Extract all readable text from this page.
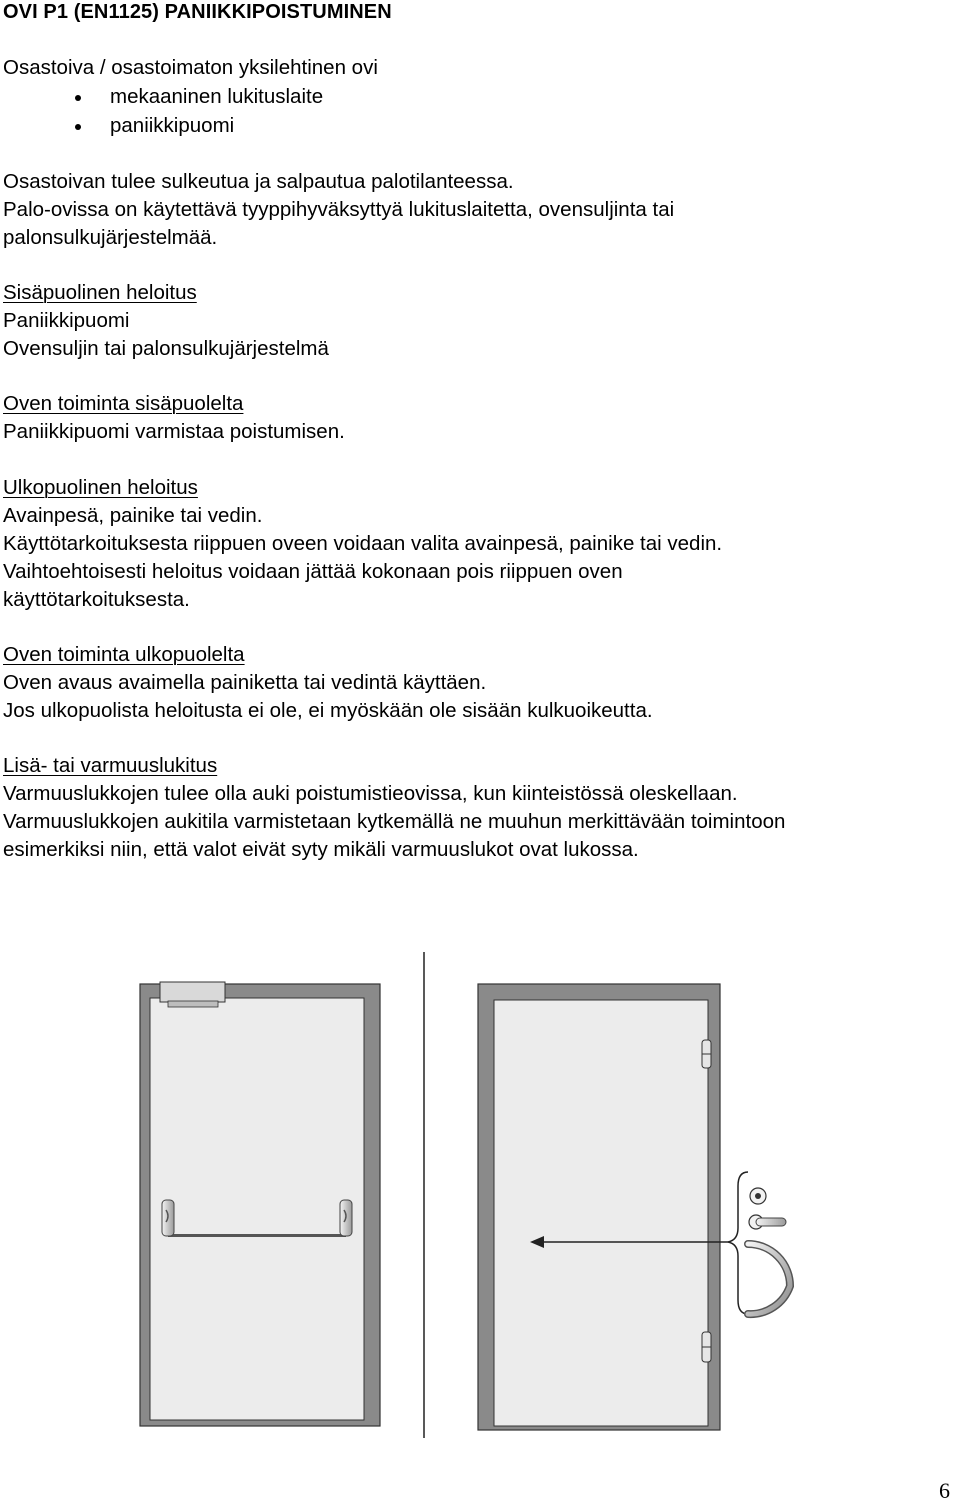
OVI P1 (EN1125) PANIIKKIPOISTUMINEN
Osastoiva / osastoimaton yksilehtinen ovi
mekaaninen lukituslaite
paniikkipuomi
Osastoivan tulee sulkeutua ja salpautua palotilanteessa.
Palo-ovissa on käytettävä tyyppihyväksyttyä lukituslaitetta, ovensuljinta tai
palonsulkujärjestelmää.
Sisäpuolinen heloitus
Paniikkipuomi
Ovensuljin tai palonsulkujärjestelmä
Oven toiminta sisäpuolelta
Paniikkipuomi varmistaa poistumisen.
Ulkopuolinen heloitus
Avainpesä, painike tai vedin.
Käyttötarkoituksesta riippuen oveen voidaan valita avainpesä, painike tai vedin.
Vaihtoehtoisesti heloitus voidaan jättää kokonaan pois riippuen oven
käyttötarkoituksesta.
Oven toiminta ulkopuolelta
Oven avaus avaimella painiketta tai vedintä käyttäen.
Jos ulkopuolista heloitusta ei ole, ei myöskään ole sisään kulkuoikeutta.
Lisä- tai varmuuslukitus
Varmuuslukkojen tulee olla auki poistumistieovissa, kun kiinteistössä oleskellaan.
Varmuuslukkojen aukitila varmistetaan kytkemällä ne muuhun merkittävään toimintoon
esimerkiksi niin, että valot eivät syty mikäli varmuuslukot ovat lukossa.
6
